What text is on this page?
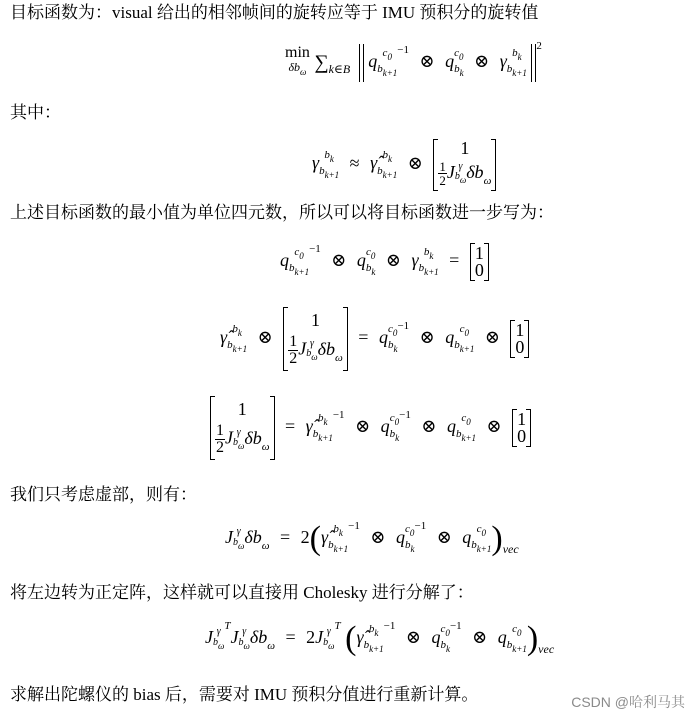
目标函数为：visual 给出的相邻帧间的旋转应等于 IMU 预积分的旋转值
min
$\delta b_\omega$ $\sum_{k\in B}$ q $c_0$
$b_{k+1}$
$^{-1}$ ⊗ q $c_0$
$b_k$
⊗ γ $b_k$
$b_{k+1}$
$^2$
其中：
γ $b_k$
$b_{k+1}$
≈ γ̂ $b_k$
$b_{k+1}$
⊗
1
$\frac{1}{2}$ J γ
bω $\delta b_\omega$
上述目标函数的最小值为单位四元数，所以可以将目标函数进一步写为：
q $c_0$
$b_{k+1}$
$^{-1}$ ⊗ q $c_0$
$b_k$
⊗ γ $b_k$
$b_{k+1}$
= 1
0
γ̂ $b_k$
$b_{k+1}$
⊗
1
$\frac{1}{2}$ J γ
bω $\delta b_\omega$
= q $c_0$
$b_k$
$^{-1}$ ⊗ q $c_0$
$b_{k+1}$
⊗ 1
0
1
$\frac{1}{2}$ J γ
bω $\delta b_\omega$
= γ̂ $b_k$
$b_{k+1}$
$^{-1}$ ⊗ q $c_0$
$b_k$
$^{-1}$ ⊗ q $c_0$
$b_{k+1}$
⊗ 1
0
我们只考虑虚部，则有：
J γ
bω $\delta b_\omega$ = 2(γ̂ $b_k$
$b_{k+1}$
$^{-1}$ ⊗ q $c_0$
$b_k$
$^{-1}$ ⊗ q $c_0$
$b_{k+1}$ )$_{vec}$
将左边转为正定阵，这样就可以直接用 Cholesky 进行分解了：
J γ
bω
$^T$J γ
bω $\delta b_\omega = 2J$ γ
bω
$^T$ (γ̂ $b_k$
$b_{k+1}$
$^{-1}$ ⊗ q $c_0$
$b_k$
$^{-1}$ ⊗ q $c_0$
$b_{k+1}$ )$_{vec}$
求解出陀螺仪的 bias 后，需要对 IMU 预积分值进行重新计算。	CSDN @哈利马其
